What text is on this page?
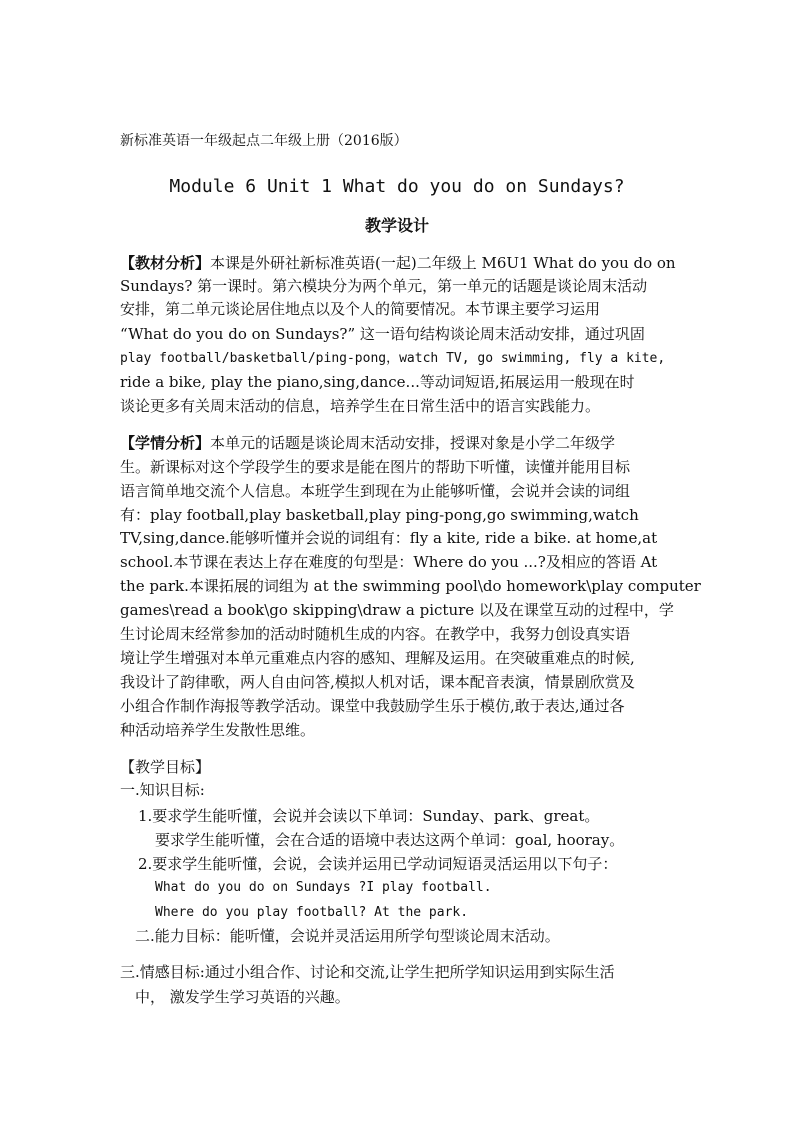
新标准英语一年级起点二年级上册（2016版）
Module 6 Unit 1 What do you do on Sundays?
教学设计
【教材分析】本课是外研社新标准英语(一起)二年级上 M6U1 What do you do on
Sundays? 第一课时。第六模块分为两个单元，第一单元的话题是谈论周末活动
安排，第二单元谈论居住地点以及个人的简要情况。本节课主要学习运用
“What do you do on Sundays?” 这一语句结构谈论周末活动安排，通过巩固
play football/basketball/ping-pong，watch TV, go swimming, fly a kite,
ride a bike, play the piano,sing,dance...等动词短语,拓展运用一般现在时
谈论更多有关周末活动的信息，培养学生在日常生活中的语言实践能力。
【学情分析】本单元的话题是谈论周末活动安排，授课对象是小学二年级学
生。新课标对这个学段学生的要求是能在图片的帮助下听懂，读懂并能用目标
语言简单地交流个人信息。本班学生到现在为止能够听懂，会说并会读的词组
有：play football,play basketball,play ping-pong,go swimming,watch
TV,sing,dance.能够听懂并会说的词组有：fly a kite, ride a bike. at home,at
school.本节课在表达上存在难度的句型是：Where do you ...?及相应的答语 At
the park.本课拓展的词组为 at the swimming pool\do homework\play computer
games\read a book\go skipping\draw a picture 以及在课堂互动的过程中，学
生讨论周末经常参加的活动时随机生成的内容。在教学中，我努力创设真实语
境让学生增强对本单元重难点内容的感知、理解及运用。在突破重难点的时候,
我设计了韵律歌，两人自由问答,模拟人机对话，课本配音表演，情景剧欣赏及
小组合作制作海报等教学活动。课堂中我鼓励学生乐于模仿,敢于表达,通过各
种活动培养学生发散性思维。
【教学目标】
一.知识目标:
1.要求学生能听懂，会说并会读以下单词：Sunday、park、great。
要求学生能听懂，会在合适的语境中表达这两个单词：goal, hooray。
2.要求学生能听懂，会说，会读并运用已学动词短语灵活运用以下句子：
What do you do on Sundays ?I play football.
Where do you play football? At the park.
二.能力目标：能听懂，会说并灵活运用所学句型谈论周末活动。
三.情感目标:通过小组合作、讨论和交流,让学生把所学知识运用到实际生活
中， 激发学生学习英语的兴趣。
